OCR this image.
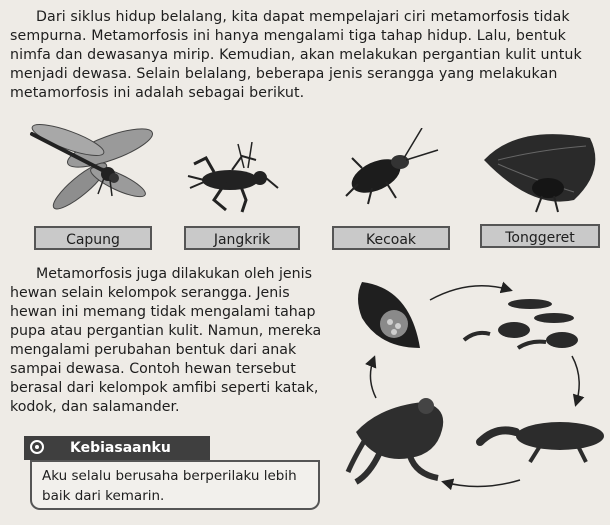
Dari siklus hidup belalang, kita dapat mempelajari ciri metamorfosis tidak sempurna. Metamorfosis ini hanya mengalami tiga tahap hidup. Lalu, bentuk nimfa dan dewasanya mirip. Kemudian, akan melakukan pergantian kulit untuk menjadi dewasa. Selain belalang, beberapa jenis serangga yang melakukan metamorfosis ini adalah sebagai berikut.

Capung	Jangkrik	Kecoak	Tonggeret

Metamorfosis juga dilakukan oleh jenis hewan selain kelompok serangga. Jenis hewan ini memang tidak mengalami tahap pupa atau pergantian kulit. Namun, mereka mengalami perubahan bentuk dari anak sampai dewasa. Contoh hewan tersebut berasal dari kelompok amfibi seperti katak, kodok, dan salamander.

Kebiasaanku
Aku selalu berusaha berperilaku lebih baik dari kemarin.
